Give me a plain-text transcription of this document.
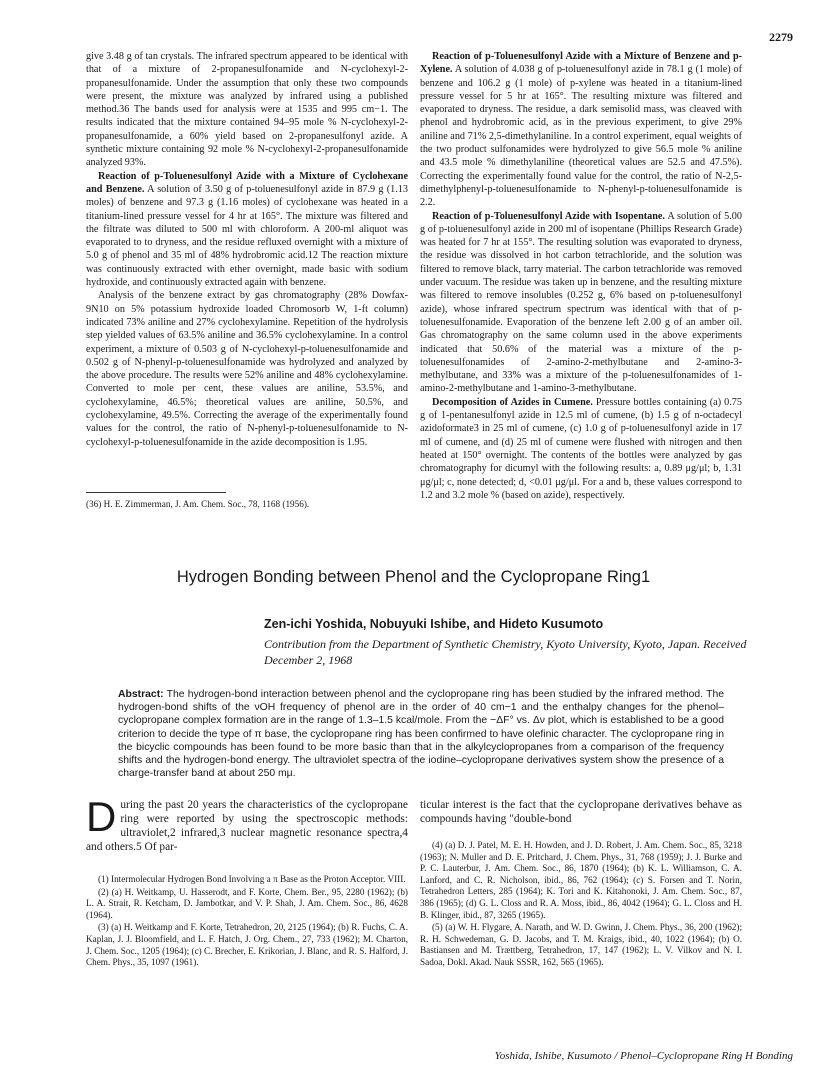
2279

give 3.48 g of tan crystals. The infrared spectrum appeared to be identical with that of a mixture of 2-propanesulfonamide and N-cyclohexyl-2-propanesulfonamide. Under the assumption that only these two compounds were present, the mixture was analyzed by infrared using a published method.36 The bands used for analysis were at 1535 and 995 cm−1. The results indicated that the mixture contained 94–95 mole % N-cyclohexyl-2-propanesulfonamide, a 60% yield based on 2-propanesulfonyl azide. A synthetic mixture containing 92 mole % N-cyclohexyl-2-propanesulfonamide analyzed 93%.

Reaction of p-Toluenesulfonyl Azide with a Mixture of Cyclohexane and Benzene. A solution of 3.50 g of p-toluenesulfonyl azide in 87.9 g (1.13 moles) of benzene and 97.3 g (1.16 moles) of cyclohexane was heated in a titanium-lined pressure vessel for 4 hr at 165°. The mixture was filtered and the filtrate was diluted to 500 ml with chloroform. A 200-ml aliquot was evaporated to to dryness, and the residue refluxed overnight with a mixture of 5.0 g of phenol and 35 ml of 48% hydrobromic acid.12 The reaction mixture was continuously extracted with ether overnight, made basic with sodium hydroxide, and continuously extracted again with benzene.

Analysis of the benzene extract by gas chromatography (28% Dowfax-9N10 on 5% potassium hydroxide loaded Chromosorb W, 1-ft column) indicated 73% aniline and 27% cyclohexylamine. Repetition of the hydrolysis step yielded values of 63.5% aniline and 36.5% cyclohexylamine. In a control experiment, a mixture of 0.503 g of N-cyclohexyl-p-toluenesulfonamide and 0.502 g of N-phenyl-p-toluenesulfonamide was hydrolyzed and analyzed by the above procedure. The results were 52% aniline and 48% cyclohexylamine. Converted to mole per cent, these values are aniline, 53.5%, and cyclohexylamine, 46.5%; theoretical values are aniline, 50.5%, and cyclohexylamine, 49.5%. Correcting the average of the experimentally found values for the control, the ratio of N-phenyl-p-toluenesulfonamide to N-cyclohexyl-p-toluenesulfonamide in the azide decomposition is 1.95.

(36) H. E. Zimmerman, J. Am. Chem. Soc., 78, 1168 (1956).

Reaction of p-Toluenesulfonyl Azide with a Mixture of Benzene and p-Xylene. A solution of 4.038 g of p-toluenesulfonyl azide in 78.1 g (1 mole) of benzene and 106.2 g (1 mole) of p-xylene was heated in a titanium-lined pressure vessel for 5 hr at 165°. The resulting mixture was filtered and evaporated to dryness. The residue, a dark semisolid mass, was cleaved with phenol and hydrobromic acid, as in the previous experiment, to give 29% aniline and 71% 2,5-dimethylaniline. In a control experiment, equal weights of the two product sulfonamides were hydrolyzed to give 56.5 mole % aniline and 43.5 mole % dimethylaniline (theoretical values are 52.5 and 47.5%). Correcting the experimentally found value for the control, the ratio of N-2,5-dimethylphenyl-p-toluenesulfonamide to N-phenyl-p-toluenesulfonamide is 2.2.

Reaction of p-Toluenesulfonyl Azide with Isopentane. A solution of 5.00 g of p-toluenesulfonyl azide in 200 ml of isopentane (Phillips Research Grade) was heated for 7 hr at 155°. The resulting solution was evaporated to dryness, the residue was dissolved in hot carbon tetrachloride, and the solution was filtered to remove black, tarry material. The carbon tetrachloride was removed under vacuum. The residue was taken up in benzene, and the resulting mixture was filtered to remove insolubles (0.252 g, 6% based on p-toluenesulfonyl azide), whose infrared spectrum spectrum was identical with that of p-toluenesulfonamide. Evaporation of the benzene left 2.00 g of an amber oil. Gas chromatography on the same column used in the above experiments indicated that 50.6% of the material was a mixture of the p-toluenesulfonamides of 2-amino-2-methylbutane and 2-amino-3-methylbutane, and 33% was a mixture of the p-toluenesulfonamides of 1-amino-2-methylbutane and 1-amino-3-methylbutane.

Decomposition of Azides in Cumene. Pressure bottles containing (a) 0.75 g of 1-pentanesulfonyl azide in 12.5 ml of cumene, (b) 1.5 g of n-octadecyl azidoformate3 in 25 ml of cumene, (c) 1.0 g of p-toluenesulfonyl azide in 17 ml of cumene, and (d) 25 ml of cumene were flushed with nitrogen and then heated at 150° overnight. The contents of the bottles were analyzed by gas chromatography for dicumyl with the following results: a, 0.89 μg/μl; b, 1.31 μg/μl; c, none detected; d, <0.01 μg/μl. For a and b, these values correspond to 1.2 and 3.2 mole % (based on azide), respectively.

Hydrogen Bonding between Phenol and the Cyclopropane Ring1
Zen-ichi Yoshida, Nobuyuki Ishibe, and Hideto Kusumoto
Contribution from the Department of Synthetic Chemistry, Kyoto University, Kyoto, Japan. Received December 2, 1968
Abstract: The hydrogen-bond interaction between phenol and the cyclopropane ring has been studied by the infrared method. The hydrogen-bond shifts of the νOH frequency of phenol are in the order of 40 cm−1 and the enthalpy changes for the phenol–cyclopropane complex formation are in the range of 1.3–1.5 kcal/mole. From the −ΔF° vs. Δν plot, which is established to be a good criterion to decide the type of π base, the cyclopropane ring has been confirmed to have olefinic character. The cyclopropane ring in the bicyclic compounds has been found to be more basic than that in the alkylcyclopropanes from a comparison of the frequency shifts and the hydrogen-bond energy. The ultraviolet spectra of the iodine–cyclopropane derivatives system show the presence of a charge-transfer band at about 250 mμ.
During the past 20 years the characteristics of the cyclopropane ring were reported by using the spectroscopic methods: ultraviolet,2 infrared,3 nuclear magnetic resonance spectra,4 and others.5 Of par-
ticular interest is the fact that the cyclopropane derivatives behave as compounds having "double-bond

(1) Intermolecular Hydrogen Bond Involving a π Base as the Proton Acceptor. VIII.

(2) (a) H. Weitkamp, U. Hasserodt, and F. Korte, Chem. Ber., 95, 2280 (1962); (b) L. A. Strait, R. Ketcham, D. Jambotkar, and V. P. Shah, J. Am. Chem. Soc., 86, 4628 (1964).

(3) (a) H. Weitkamp and F. Korte, Tetrahedron, 20, 2125 (1964); (b) R. Fuchs, C. A. Kaplan, J. J. Bloomfield, and L. F. Hatch, J. Org. Chem., 27, 733 (1962); M. Charton, J. Chem. Soc., 1205 (1964); (c) C. Brecher, E. Krikorian, J. Blanc, and R. S. Halford, J. Chem. Phys., 35, 1097 (1961).

(4) (a) D. J. Patel, M. E. H. Howden, and J. D. Robert, J. Am. Chem. Soc., 85, 3218 (1963); N. Muller and D. E. Pritchard, J. Chem. Phys., 31, 768 (1959); J. J. Burke and P. C. Lauterbur, J. Am. Chem. Soc., 86, 1870 (1964); (b) K. L. Williamson, C. A. Lanford, and C. R. Nicholson, ibid., 86, 762 (1964); (c) S. Forsen and T. Norin, Tetrahedron Letters, 285 (1964); K. Tori and K. Kitahonoki, J. Am. Chem. Soc., 87, 386 (1965); (d) G. L. Closs and R. A. Moss, ibid., 86, 4042 (1964); G. L. Closs and H. B. Klinger, ibid., 87, 3265 (1965).

(5) (a) W. H. Flygare, A. Narath, and W. D. Gwinn, J. Chem. Phys., 36, 200 (1962); R. H. Schwedeman, G. D. Jacobs, and T. M. Kraigs, ibid., 40, 1022 (1964); (b) O. Bastiansen and M. Trættberg, Tetrahedron, 17, 147 (1962); L. V. Vilkov and N. I. Sadoa, Dokl. Akad. Nauk SSSR, 162, 565 (1965).

Yoshida, Ishibe, Kusumoto / Phenol–Cyclopropane Ring H Bonding
